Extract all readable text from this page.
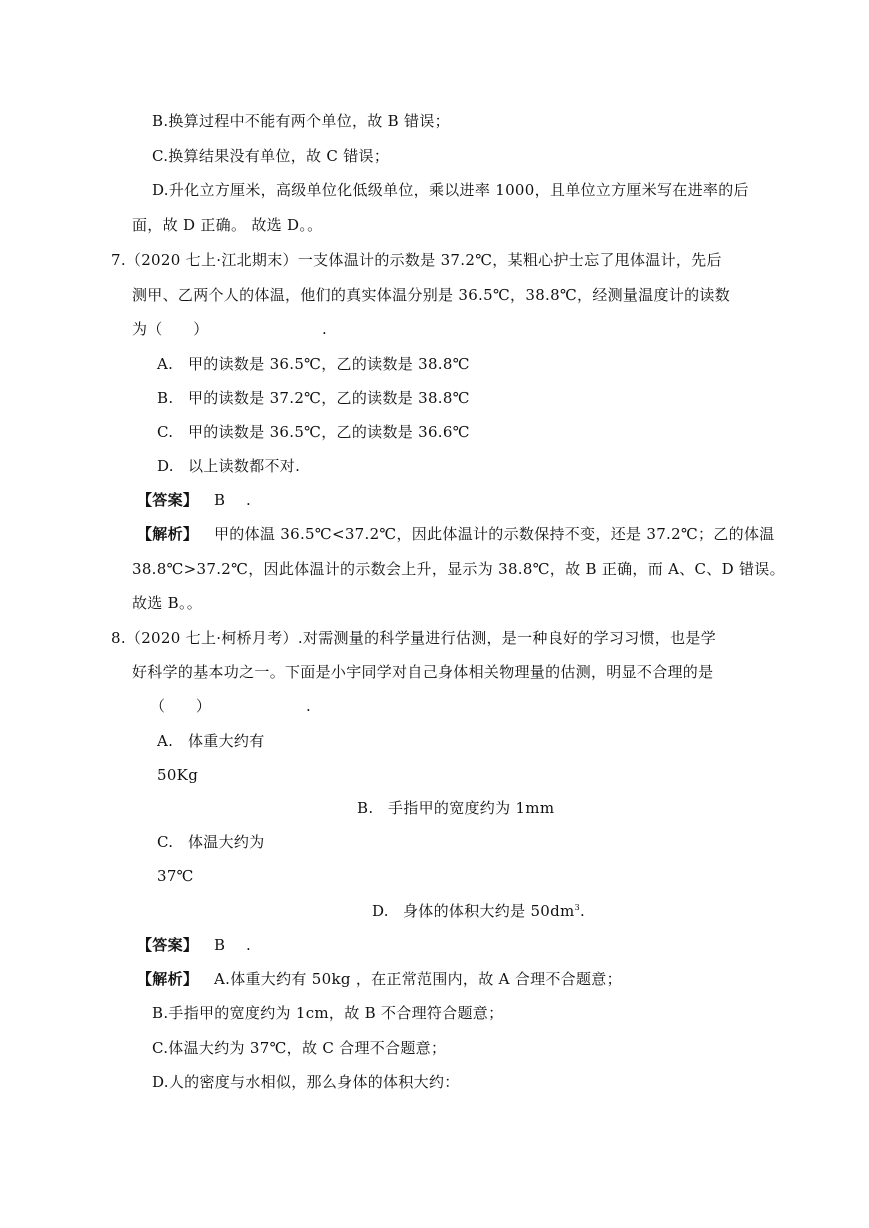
B.换算过程中不能有两个单位，故 B 错误；
C.换算结果没有单位，故 C 错误；
D.升化立方厘米，高级单位化低级单位，乘以进率 1000，且单位立方厘米写在进率的后
面，故 D 正确。 故选 D。。
7.（2020 七上·江北期末）一支体温计的示数是 37.2℃，某粗心护士忘了甩体温计，先后
测甲、乙两个人的体温，他们的真实体温分别是 36.5℃，38.8℃，经测量温度计的读数
为（　　）	.
A. 甲的读数是 36.5℃，乙的读数是 38.8℃
B. 甲的读数是 37.2℃，乙的读数是 38.8℃
C. 甲的读数是 36.5℃，乙的读数是 36.6℃
D. 以上读数都不对.
【答案】 B .
【解析】 甲的体温 36.5℃<37.2℃，因此体温计的示数保持不变，还是 37.2℃；乙的体温
38.8℃>37.2℃，因此体温计的示数会上升，显示为 38.8℃，故 B 正确，而 A、C、D 错误。
故选 B。。
8.（2020 七上·柯桥月考）.对需测量的科学量进行估测，是一种良好的学习习惯，也是学
好科学的基本功之一。下面是小宇同学对自己身体相关物理量的估测，明显不合理的是
（　　）	.
A. 体重大约有
50Kg
B. 手指甲的宽度约为 1mm
C. 体温大约为
37℃
D. 身体的体积大约是 $50dm^3$.
【答案】 B .
【解析】 A.体重大约有 50kg ，在正常范围内，故 A 合理不合题意；
B.手指甲的宽度约为 1cm，故 B 不合理符合题意；
C.体温大约为 37℃，故 C 合理不合题意；
D.人的密度与水相似，那么身体的体积大约：
